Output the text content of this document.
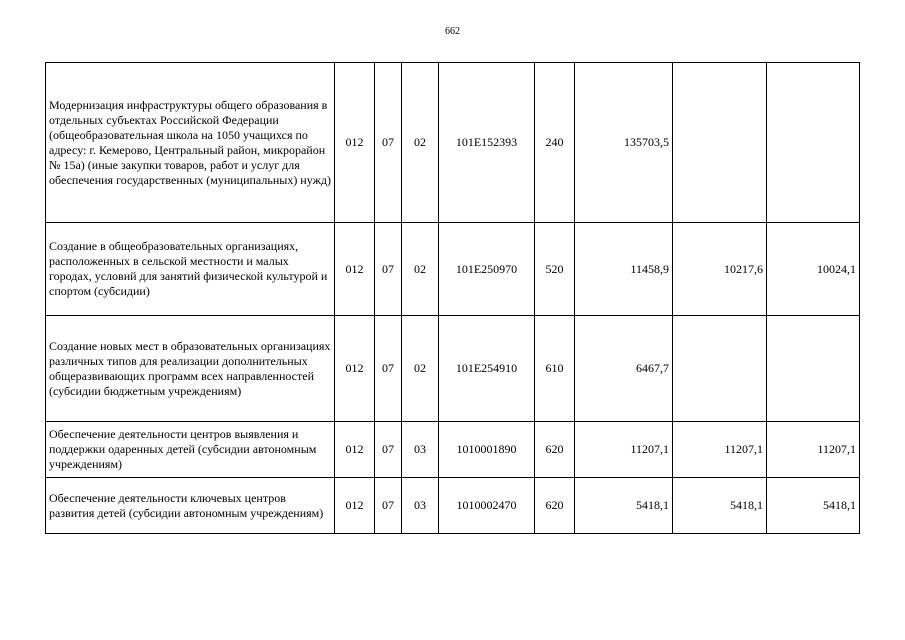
662
Модернизация инфраструктуры общего образования в отдельных субъектах Российской Федерации (общеобразовательная школа на 1050 учащихся по адресу: г. Кемерово, Центральный район, микрорайон № 15а) (иные закупки товаров, работ и услуг для обеспечения государственных (муниципальных) нужд)	012	07	02	101E152393	240	135703,5		
Создание в общеобразовательных организациях, расположенных в сельской местности и малых городах, условий для занятий физической культурой и спортом (субсидии)	012	07	02	101E250970	520	11458,9	10217,6	10024,1
Создание новых мест в образовательных организациях различных типов для реализации дополнительных общеразвивающих программ всех направленностей (субсидии бюджетным учреждениям)	012	07	02	101E254910	610	6467,7		
Обеспечение деятельности центров выявления и поддержки одаренных детей (субсидии автономным учреждениям)	012	07	03	1010001890	620	11207,1	11207,1	11207,1
Обеспечение деятельности ключевых центров развития детей (субсидии автономным учреждениям)	012	07	03	1010002470	620	5418,1	5418,1	5418,1
